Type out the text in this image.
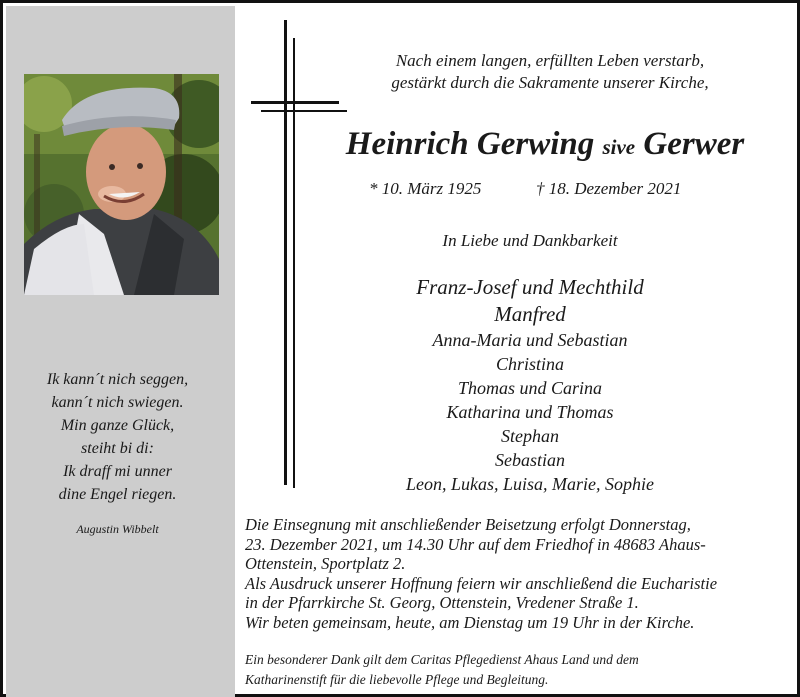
Ik kann´t nich seggen,
kann´t nich swiegen.
Min ganze Glück,
steiht bi di:
Ik draff mi unner
dine Engel riegen.
Augustin Wibbelt
Nach einem langen, erfüllten Leben verstarb,
gestärkt durch die Sakramente unserer Kirche,
Heinrich Gerwing sive Gerwer
* 10. März 1925	† 18. Dezember 2021
In Liebe und Dankbarkeit
Franz-Josef und Mechthild
Manfred
Anna-Maria und Sebastian
Christina
Thomas und Carina
Katharina und Thomas
Stephan
Sebastian
Leon, Lukas, Luisa, Marie, Sophie
Die Einsegnung mit anschließender Beisetzung erfolgt Donnerstag,
23. Dezember 2021, um 14.30 Uhr auf dem Friedhof in 48683 Ahaus-
Ottenstein, Sportplatz 2.
Als Ausdruck unserer Hoffnung feiern wir anschließend die Eucharistie
in der Pfarrkirche St. Georg, Ottenstein, Vredener Straße 1.
Wir beten gemeinsam, heute, am Dienstag um 19 Uhr in der Kirche.
Ein besonderer Dank gilt dem Caritas Pflegedienst Ahaus Land und dem
Katharinenstift für die liebevolle Pflege und Begleitung.
